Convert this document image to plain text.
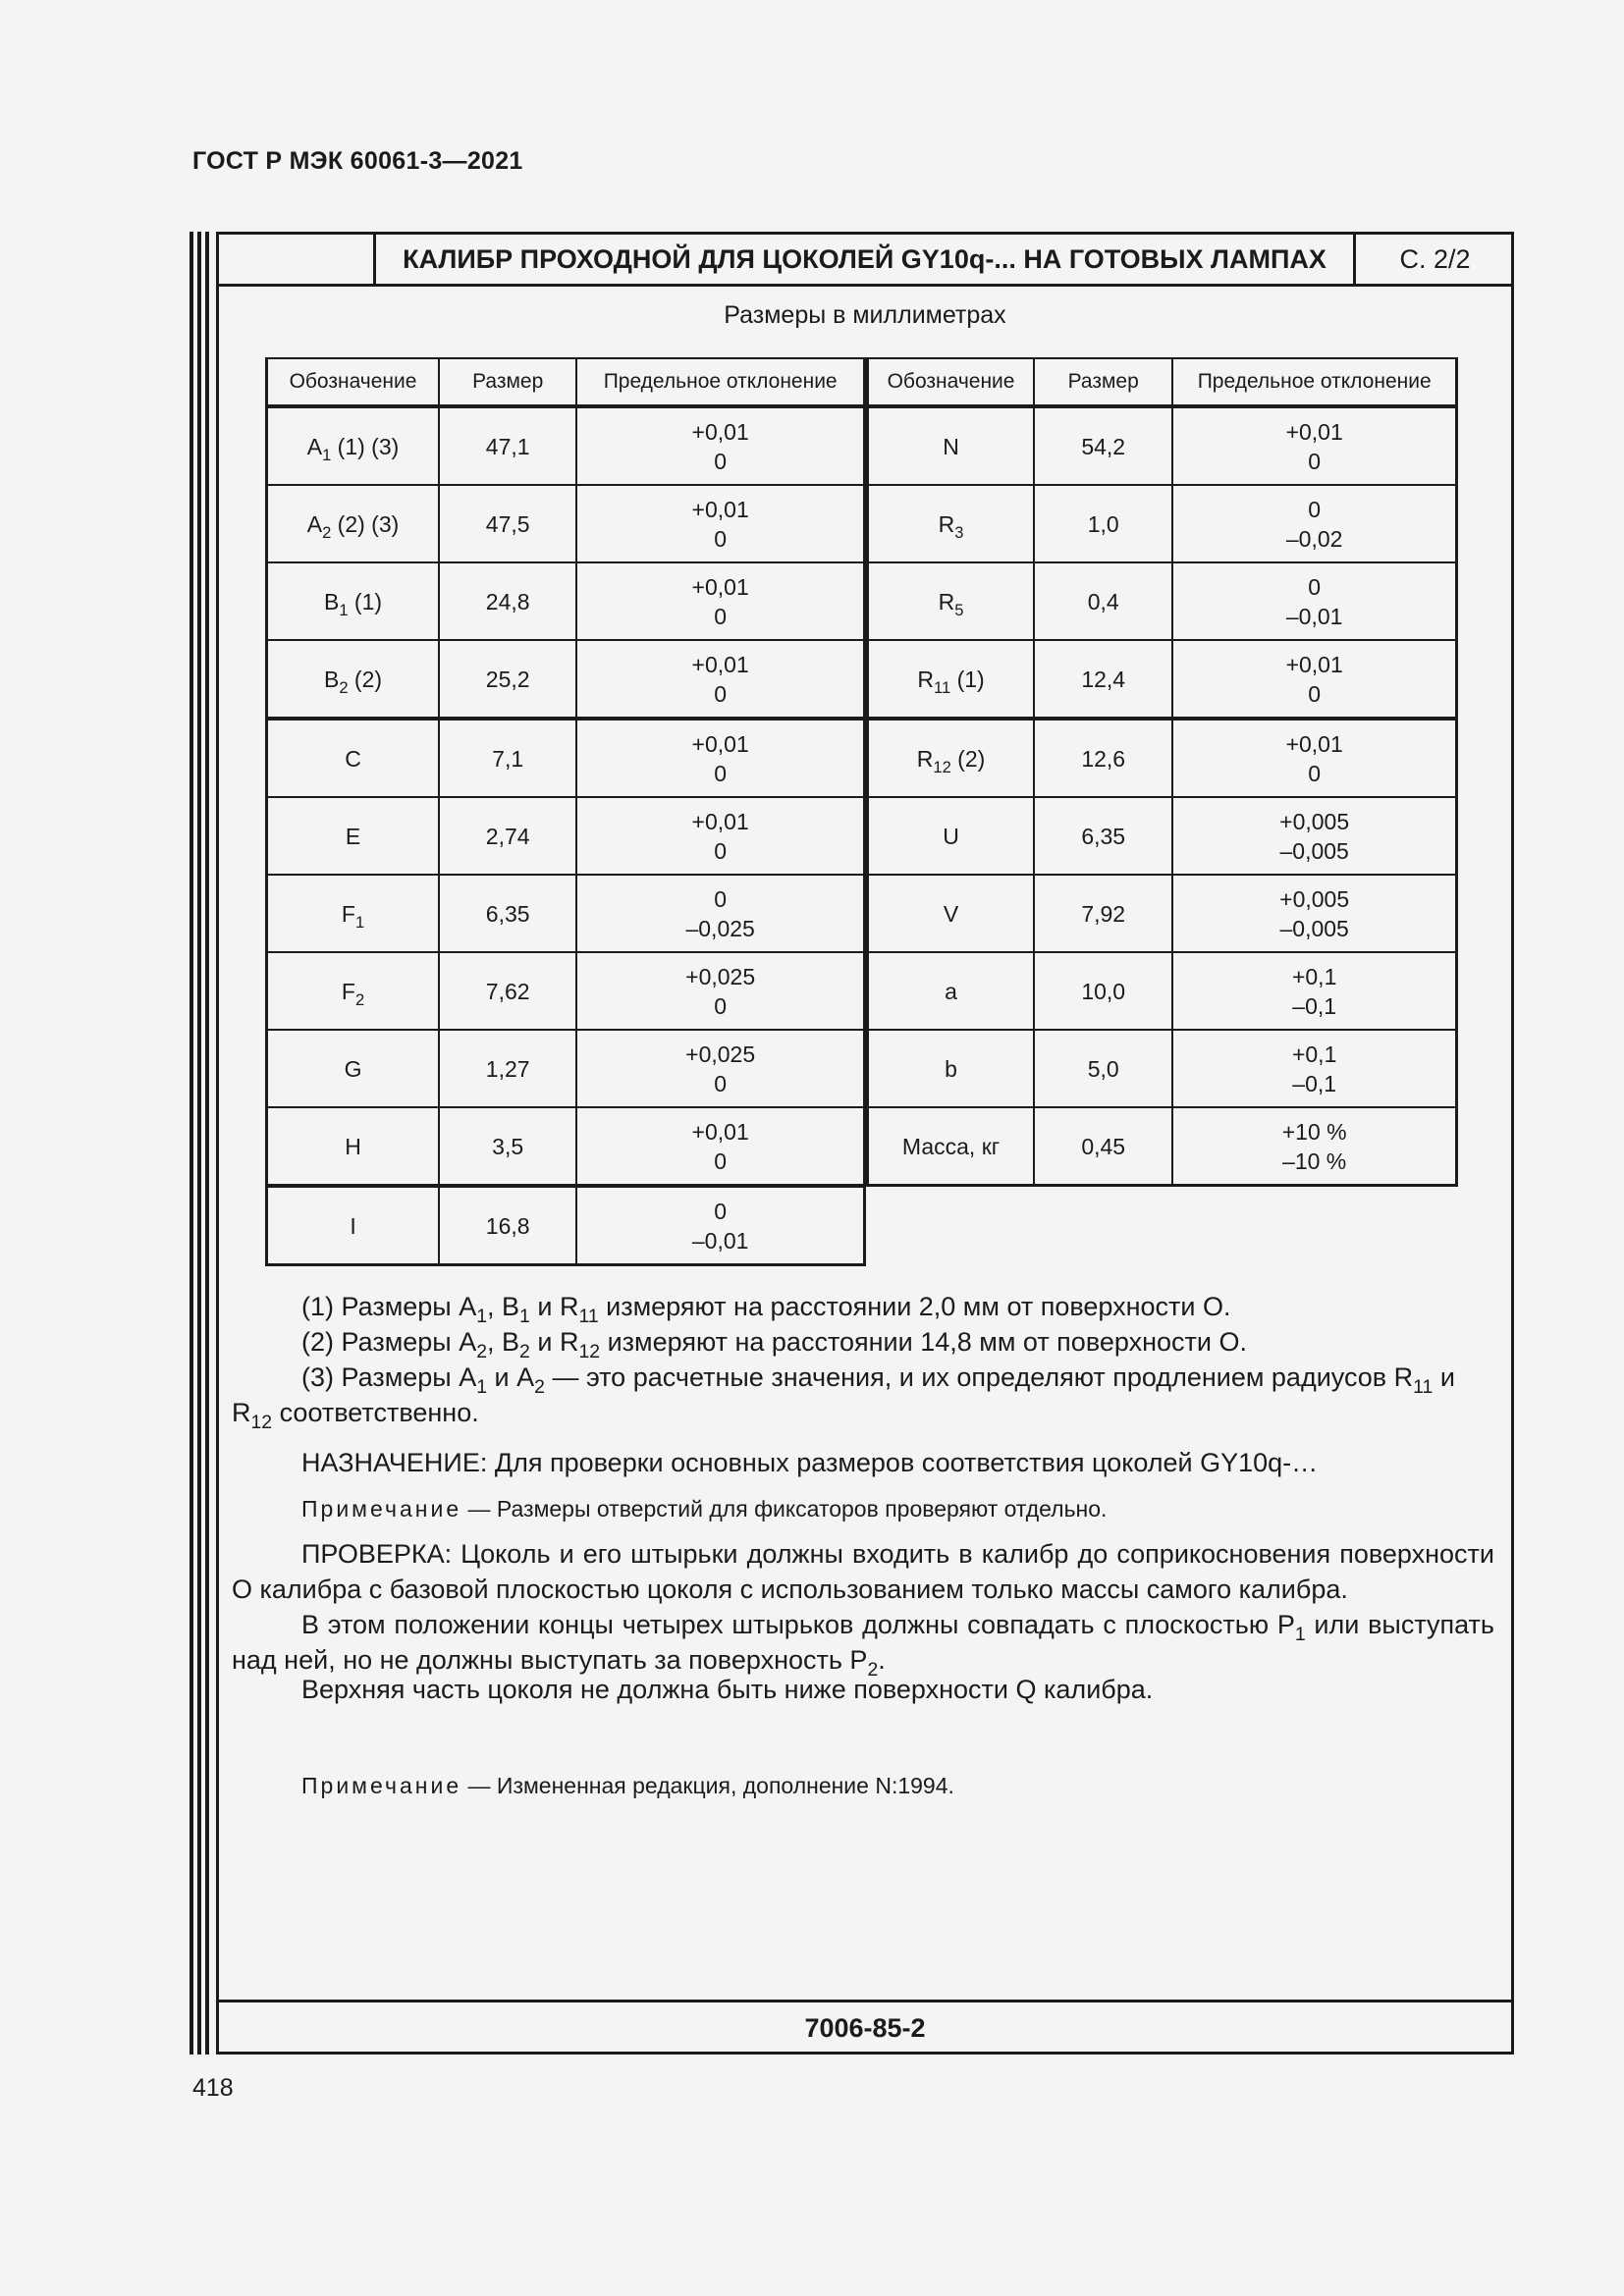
ГОСТ Р МЭК 60061-3—2021
КАЛИБР ПРОХОДНОЙ ДЛЯ ЦОКОЛЕЙ GY10q-... НА ГОТОВЫХ ЛАМПАХ	С. 2/2
Размеры в миллиметрах
7006-85-2
Обозначение	Размер	Предельное отклонение
$A_1$ (1) (3)	47,1	+0,01
0

$A_2$ (2) (3)	47,5	+0,01
0

$B_1$ (1)	24,8	+0,01
0

$B_2$ (2)	25,2	+0,01
0

C	7,1	+0,01
0

E	2,74	+0,01
0

$F_1$	6,35	0
–0,025

$F_2$	7,62	+0,025
0

G	1,27	+0,025
0

H	3,5	+0,01
0

I	16,8	0
–0,01
Обозначение	Размер	Предельное отклонение
N	54,2	+0,01
0

$R_3$	1,0	0
–0,02

$R_5$	0,4	0
–0,01

$R_{11}$ (1)	12,4	+0,01
0

$R_{12}$ (2)	12,6	+0,01
0

U	6,35	+0,005
–0,005

V	7,92	+0,005
–0,005

a	10,0	+0,1
–0,1

b	5,0	+0,1
–0,1

Масса, кг	0,45	+10 %
–10 %
(1) Размеры $A_1$, $B_1$ и $R_{11}$ измеряют на расстоянии 2,0 мм от поверхности O.
(2) Размеры $A_2$, $B_2$ и $R_{12}$ измеряют на расстоянии 14,8 мм от поверхности O.
(3) Размеры $A_1$ и $A_2$ — это расчетные значения, и их определяют продлением радиусов $R_{11}$ и $R_{12}$ соответственно.
НАЗНАЧЕНИЕ: Для проверки основных размеров соответствия цоколей GY10q-…
Примечание — Размеры отверстий для фиксаторов проверяют отдельно.
ПРОВЕРКА: Цоколь и его штырьки должны входить в калибр до соприкосновения поверхности O калибра с базовой плоскостью цоколя с использованием только массы самого калибра.
В этом положении концы четырех штырьков должны совпадать с плоскостью $P_1$ или выступать над ней, но не должны выступать за поверхность $P_2$.
Верхняя часть цоколя не должна быть ниже поверхности Q калибра.
Примечание — Измененная редакция, дополнение N:1994.
418
